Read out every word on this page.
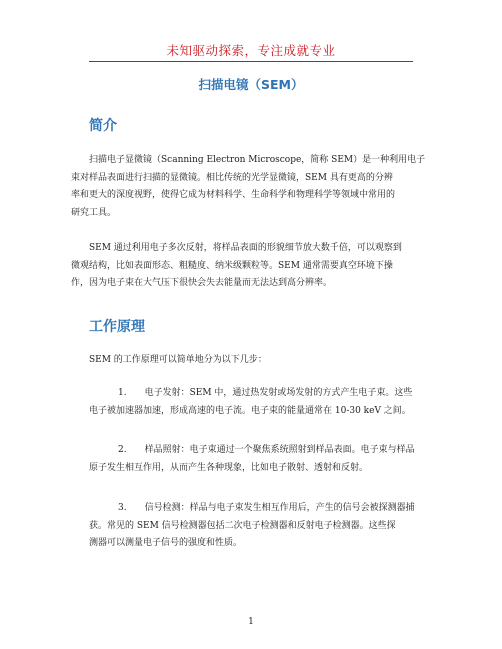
未知驱动探索，专注成就专业
扫描电镜（SEM）
简介
扫描电子显微镜（Scanning Electron Microscope，简称 SEM）是一种利用电子
束对样品表面进行扫描的显微镜。相比传统的光学显微镜，SEM 具有更高的分辨
率和更大的深度视野，使得它成为材料科学、生命科学和物理科学等领域中常用的
研究工具。
SEM 通过利用电子多次反射，将样品表面的形貌细节放大数千倍，可以观察到
微观结构，比如表面形态、粗糙度、纳米级颗粒等。SEM 通常需要真空环境下操
作，因为电子束在大气压下很快会失去能量而无法达到高分辨率。
工作原理
SEM 的工作原理可以简单地分为以下几步：
1. 电子发射：SEM 中，通过热发射或场发射的方式产生电子束。这些
电子被加速器加速，形成高速的电子流。电子束的能量通常在 10-30 keV 之间。
2. 样品照射：电子束通过一个聚焦系统照射到样品表面。电子束与样品
原子发生相互作用，从而产生各种现象，比如电子散射、透射和反射。
3. 信号检测：样品与电子束发生相互作用后，产生的信号会被探测器捕
获。常见的 SEM 信号检测器包括二次电子检测器和反射电子检测器。这些探
测器可以测量电子信号的强度和性质。
1
